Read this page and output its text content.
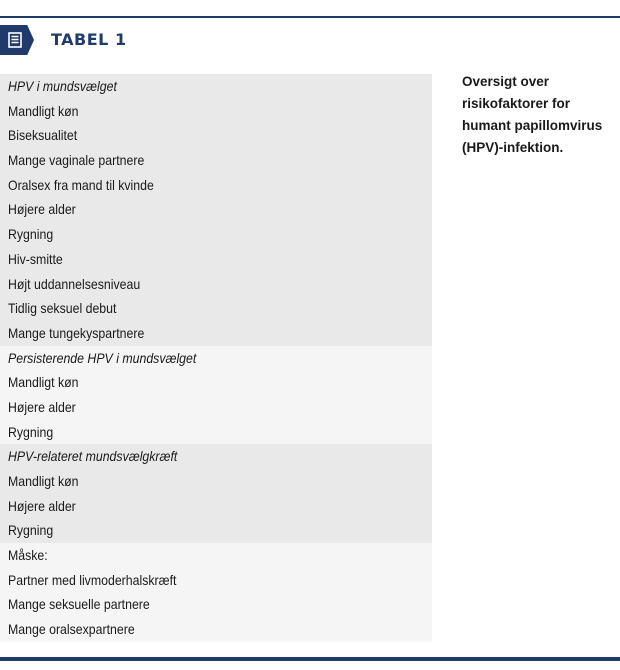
TABEL 1
HPV i mundsvælget
Mandligt køn
Biseksualitet
Mange vaginale partnere
Oralsex fra mand til kvinde
Højere alder
Rygning
Hiv-smitte
Højt uddannelsesniveau
Tidlig seksuel debut
Mange tungekyspartnere
Persisterende HPV i mundsvælget
Mandligt køn
Højere alder
Rygning
HPV-relateret mundsvælgkræft
Mandligt køn
Højere alder
Rygning
Måske:
Partner med livmoderhalskræft
Mange seksuelle partnere
Mange oralsexpartnere
Oversigt over risikofaktorer for humant papillomvirus (HPV)-infektion.
